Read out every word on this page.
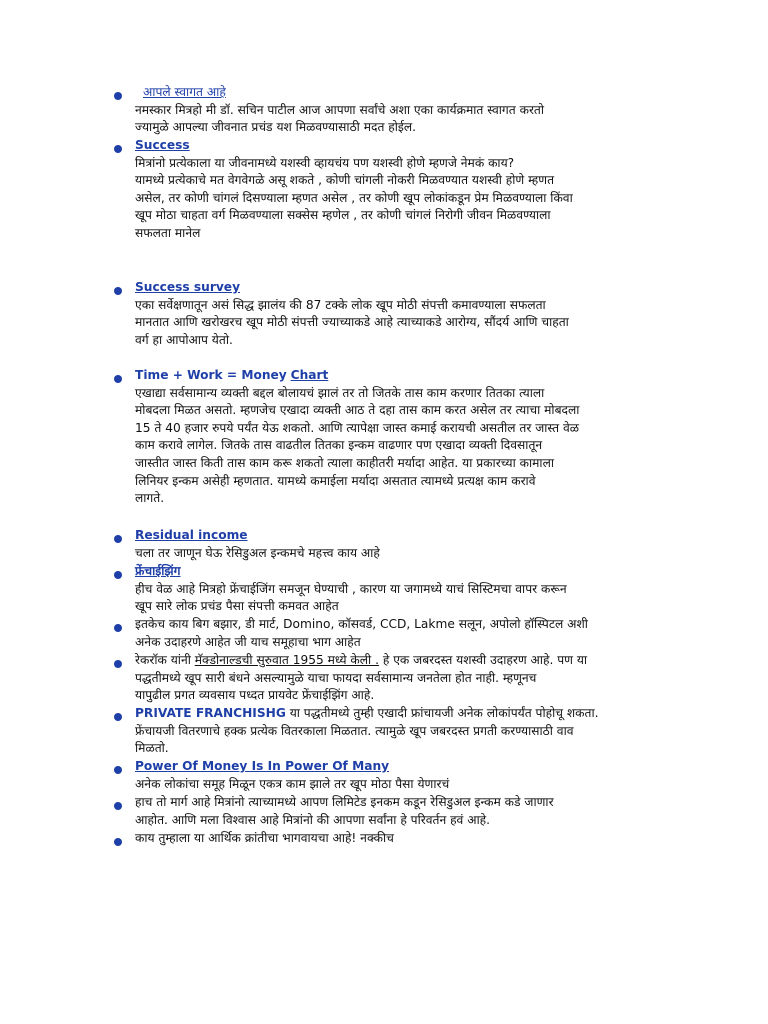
आपले स्वागत आहे
नमस्कार मित्रहो मी डॉ. सचिन पाटील आज आपणा सर्वांचे अशा एका कार्यक्रमात स्वागत करतो
ज्यामुळे आपल्या जीवनात प्रचंड यश मिळवण्यासाठी मदत होईल.

Success
मित्रांनो प्रत्येकाला या जीवनामध्ये यशस्वी व्हायचंय पण यशस्वी होणे म्हणजे नेमकं काय?
यामध्ये प्रत्येकाचे मत वेगवेगळे असू शकते , कोणी चांगली नोकरी मिळवण्यात यशस्वी होणे म्हणत
असेल, तर कोणी चांगलं दिसण्याला म्हणत असेल , तर कोणी खूप लोकांकडून प्रेम मिळवण्याला किंवा
खूप मोठा चाहता वर्ग मिळवण्याला सक्सेस म्हणेल , तर कोणी चांगलं निरोगी जीवन मिळवण्याला
सफलता मानेल

Success survey
एका सर्वेक्षणातून असं सिद्ध झालंय की 87 टक्के लोक खूप मोठी संपत्ती कमावण्याला सफलता
मानतात आणि खरोखरच खूप मोठी संपत्ती ज्याच्याकडे आहे त्याच्याकडे आरोग्य, सौंदर्य आणि चाहता
वर्ग हा आपोआप येतो.

Time + Work = Money Chart
एखाद्या सर्वसामान्य व्यक्ती बद्दल बोलायचं झालं तर तो जितके तास काम करणार तितका त्याला
मोबदला मिळत असतो. म्हणजेच एखादा व्यक्ती आठ ते दहा तास काम करत असेल तर त्याचा मोबदला
15 ते 40 हजार रुपये पर्यंत येऊ शकतो. आणि त्यापेक्षा जास्त कमाई करायची असतील तर जास्त वेळ
काम करावे लागेल. जितके तास वाढतील तितका इन्कम वाढणार पण एखादा व्यक्ती दिवसातून
जास्तीत जास्त किती तास काम करू शकतो त्याला काहीतरी मर्यादा आहेत. या प्रकारच्या कामाला
लिनियर इन्कम असेही म्हणतात. यामध्ये कमाईला मर्यादा असतात त्यामध्ये प्रत्यक्ष काम करावे
लागते.

Residual income
चला तर जाणून घेऊ रेसिडुअल इन्कमचे महत्त्व काय आहे

फ्रेंचाईझिंग
हीच वेळ आहे मित्रहो फ्रेंचाईजिंग समजून घेण्याची , कारण या जगामध्ये याचं सिस्टिमचा वापर करून
खूप सारे लोक प्रचंड पैसा संपत्ती कमवत आहेत

इतकेच काय बिग बझार, डी मार्ट, Domino, कॉसवर्ड, CCD, Lakme सलून, अपोलो हॉस्पिटल अशी
अनेक उदाहरणे आहेत जी याच समूहाचा भाग आहेत

रेकरॉक यांनी मॅक्डोनाल्डची सुरुवात 1955 मध्ये केली . हे एक जबरदस्त यशस्वी उदाहरण आहे. पण या
पद्धतीमध्ये खूप सारी बंधने असल्यामुळे याचा फायदा सर्वसामान्य जनतेला होत नाही. म्हणूनच
यापुढील प्रगत व्यवसाय पध्दत प्रायवेट फ्रेंचाईझिंग आहे.

PRIVATE FRANCHISHG या पद्धतीमध्ये तुम्ही एखादी फ्रांचायजी अनेक लोकांपर्यंत पोहोचू शकता.
फ्रेंचायजी वितरणाचे हक्क प्रत्येक वितरकाला मिळतात. त्यामुळे खूप जबरदस्त प्रगती करण्यासाठी वाव
मिळतो.

Power Of Money Is In Power Of Many
अनेक लोकांचा समूह मिळून एकत्र काम झाले तर खूप मोठा पैसा येणारचं

हाच तो मार्ग आहे मित्रांनो त्याच्यामध्ये आपण लिमिटेड इनकम कडून रेसिडुअल इन्कम कडे जाणार
आहोत. आणि मला विश्वास आहे मित्रांनो की आपणा सर्वांना हे परिवर्तन हवं आहे.

काय तुम्हाला या आर्थिक क्रांतीचा भागवायचा आहे! नक्कीच
